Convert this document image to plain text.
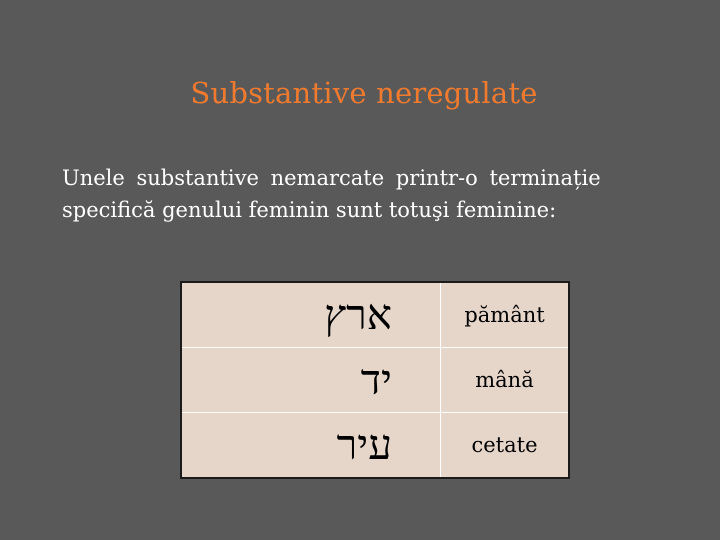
Substantive neregulate
Unele substantive nemarcate printr-o terminație
specifică genului feminin sunt totuşi feminine:
ארץ	pământ
יד	mână
עיר	cetate
